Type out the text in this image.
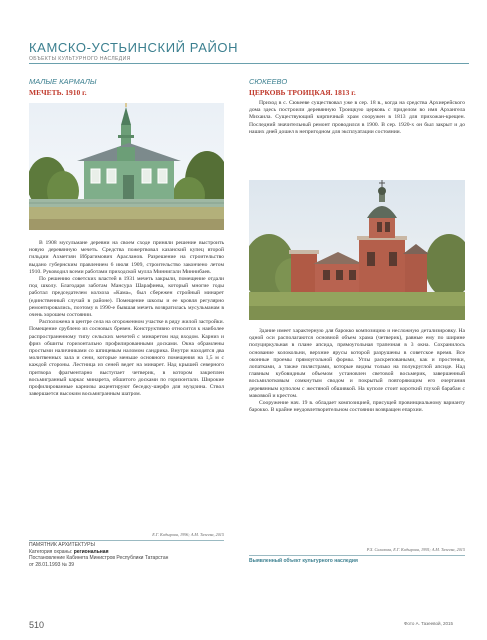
КАМСКО-УСТЬИНСКИЙ РАЙОН
ОБЪЕКТЫ КУЛЬТУРНОГО НАСЛЕДИЯ
МАЛЫЕ КАРМАЛЫ
МЕЧЕТЬ. 1910 г.
СЮКЕЕВО
ЦЕРКОВЬ ТРОИЦКАЯ. 1813 г.

Приход в с. Сюкееве существовал уже в сер. 18 в., когда на средства Архиерейского дома здесь построили деревянную Троицкую церковь с приделом во имя Архангела Михаила. Существующий кирпичный храм сооружен в 1813 для прихожан-крещен. Последний значительный ремонт проводился в 1900. В сер. 1920-х он был закрыт и до наших дней дошел в непригодном для эксплуатации состоянии.

В 1908 мусульмане деревни на своем сходе приняли решение выстроить новую деревянную мечеть. Средства пожертвовал казанский купец второй гильдии Ахметзян Ибрагимович Арасланов. Разрешение на строительство выдано губернским правлением 6 июля 1909, строительство закончено летом 1910. Руководил всеми работами приходской мулла Миннигали Миннибаев.

По решению советских властей в 1931 мечеть закрыли, помещение отдали под школу. Благодаря заботам Мансура Шарафиева, который многие годы работал председателем колхоза «Кама», был сбережен стройный минарет (единственный случай в районе). Помещение школы и ее кровля регулярно ремонтировались, поэтому в 1990-е бывшая мечеть возвратилась мусульманам в очень хорошем состоянии.

Расположена в центре села на огороженном участке в ряду жилой застройки. Помещение срублено из сосновых бревен. Конструктивно относится к наиболее распространенному типу сельских мечетей с минаретом над входом. Карниз и фриз обшиты горизонтально профилированными досками. Окна обрамлены простыми наличниками со шпицевым наломом сандрика. Внутри находятся два молитвенных зала и сени, которые меньше основного помещения на 1,5 м с каждой стороны. Лестница из сеней ведет на минарет. Над крышей северного притвора фрагментарно выступает четверик, в котором закреплен восьмигранный каркас минарета, обшитого досками по горизонтали. Широкие профилированные карнизы акцентируют беседку-шерфэ для муэдзина. Ствол завершается высоким восьмигранным шатром.

Здание имеет характерную для барокко композицию и несложную детализировку. На одной оси располагаются основной объем храма (четверик), равные ему по ширине полуциркульная в плане апсида, прямоугольная трапезная в 3 окна. Сохранилось основание колокольни, верхние ярусы которой разрушены в советское время. Все оконные проемы прямоугольной формы. Углы раскреповаными, как и простенки, лопатками, а также пилястрами, которые видны только на полукруглой апсиде. Над главным кубовидным объемом установлен световой восьмерик, завершенный восьмилотковым сомкнутым сводом и покрытый повторяющим его очертания деревянным куполом с жестяной обшивкой. На куполе стоит короткий глухой барабан с маковкой и крестом.

Сооружение нач. 19 в. обладает композицией, присущей провинциальному варианту барокко. В крайне неудовлетворительном состоянии возвращен епархии.

Е.Г. Кадырова, 1996; А.М. Тазеева, 2015
ПАМЯТНИК АРХИТЕКТУРЫ
Категория охраны: региональная
Постановление Кабинета Министров Республики Татарстан
от 28.01.1993 № 39
Р.Х. Салахова, Е.Г. Кадырова, 1995; А.М. Тазеева, 2015
Выявленный объект культурного наследия
510	Фото А. Тазеевой, 2015
